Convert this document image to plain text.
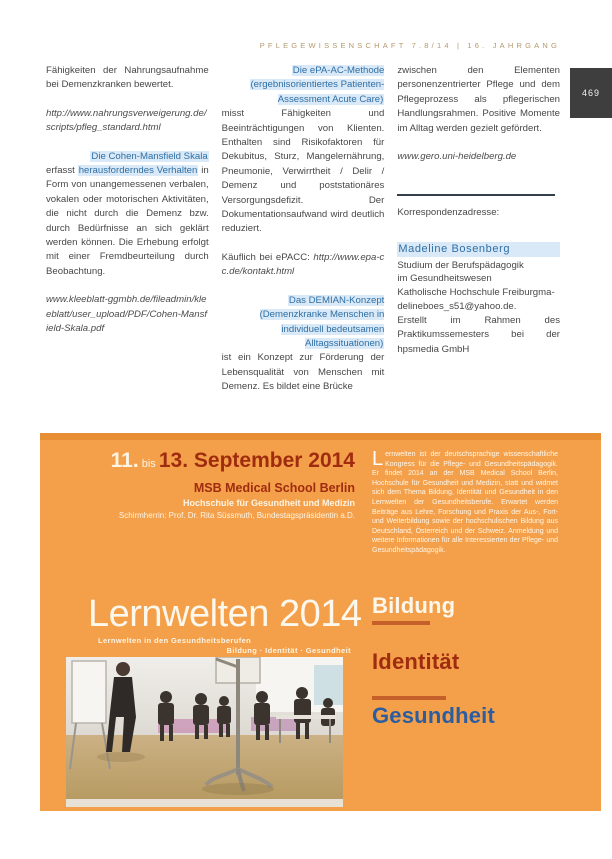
PFLEGEWISSENSCHAFT 7.8/14 | 16. JAHRGANG
469

Fähigkeiten der Nahrungsaufnahme bei Demenzkranken bewertet.

http://www.nahrungsverweigerung.de/scripts/pfleg_standard.html

Die Cohen-Mansfield Skala
erfasst herausforderndes Verhalten in Form von unangemessenen verbalen, vokalen oder motorischen Aktivitäten, die nicht durch die Demenz bzw. durch Bedürfnisse an sich geklärt werden können. Die Erhebung erfolgt mit einer Fremdbeurteilung durch Beobachtung.

www.kleeblatt-ggmbh.de/fileadmin/kleeblatt/user_upload/PDF/Cohen-Mansfield-Skala.pdf

Die ePA-AC-Methode (ergebnisorientiertes Patienten-Assessment Acute Care)
misst Fähigkeiten und Beeinträchtigungen von Klienten. Enthalten sind Risikofaktoren für Dekubitus, Sturz, Mangelernährung, Pneumonie, Verwirrtheit / Delir / Demenz und poststationäres Versorgungsdefizit. Der Dokumentationsaufwand wird deutlich reduziert.

Käuflich bei ePACC: http://www.epa-cc.de/kontakt.html

Das DEMIAN-Konzept (Demenzkranke Menschen in individuell bedeutsamen Alltagssituationen)
ist ein Konzept zur Förderung der Lebensqualität von Menschen mit Demenz. Es bildet eine Brücke

zwischen den Elementen personenzentrierter Pflege und dem Pflegeprozess als pflegerischen Handlungsrahmen. Positive Momente im Alltag werden gezielt gefördert.

www.gero.uni-heidelberg.de

Korrespondenzadresse:
Madeline Bosenberg
Studium der Berufspädagogik
im Gesundheitswesen
Katholische Hochschule Freiburgma-
delineboes_s51@yahoo.de.

Erstellt im Rahmen des Praktikumssemesters bei der hpsmedia GmbH

11. bis 13. September 2014
MSB Medical School Berlin
Hochschule für Gesundheit und Medizin
Schirmherrin: Prof. Dr. Rita Süssmuth, Bundestagspräsidentin a.D.
Lernwelten ist der deutschsprachige wissenschaftliche Kongress für die Pflege- und Gesundheitspädagogik. Er findet 2014 an der MSB Medical School Berlin, Hochschule für Gesundheit und Medizin, statt und widmet sich dem Thema Bildung, Identität und Gesundheit in den Lernwelten der Gesundheitsberufe. Erwartet werden Beiträge aus Lehre, Forschung und Praxis der Aus-, Fort- und Weiterbildung sowie der hochschulischen Bildung aus Deutschland, Österreich und der Schweiz. Anmeldung und weitere Informationen für alle Interessierten der Pflege- und Gesundheitspädagogik.
Lernwelten 2014
Lernwelten in den Gesundheitsberufen
Bildung · Identität · Gesundheit
Bildung
Identität
Gesundheit
